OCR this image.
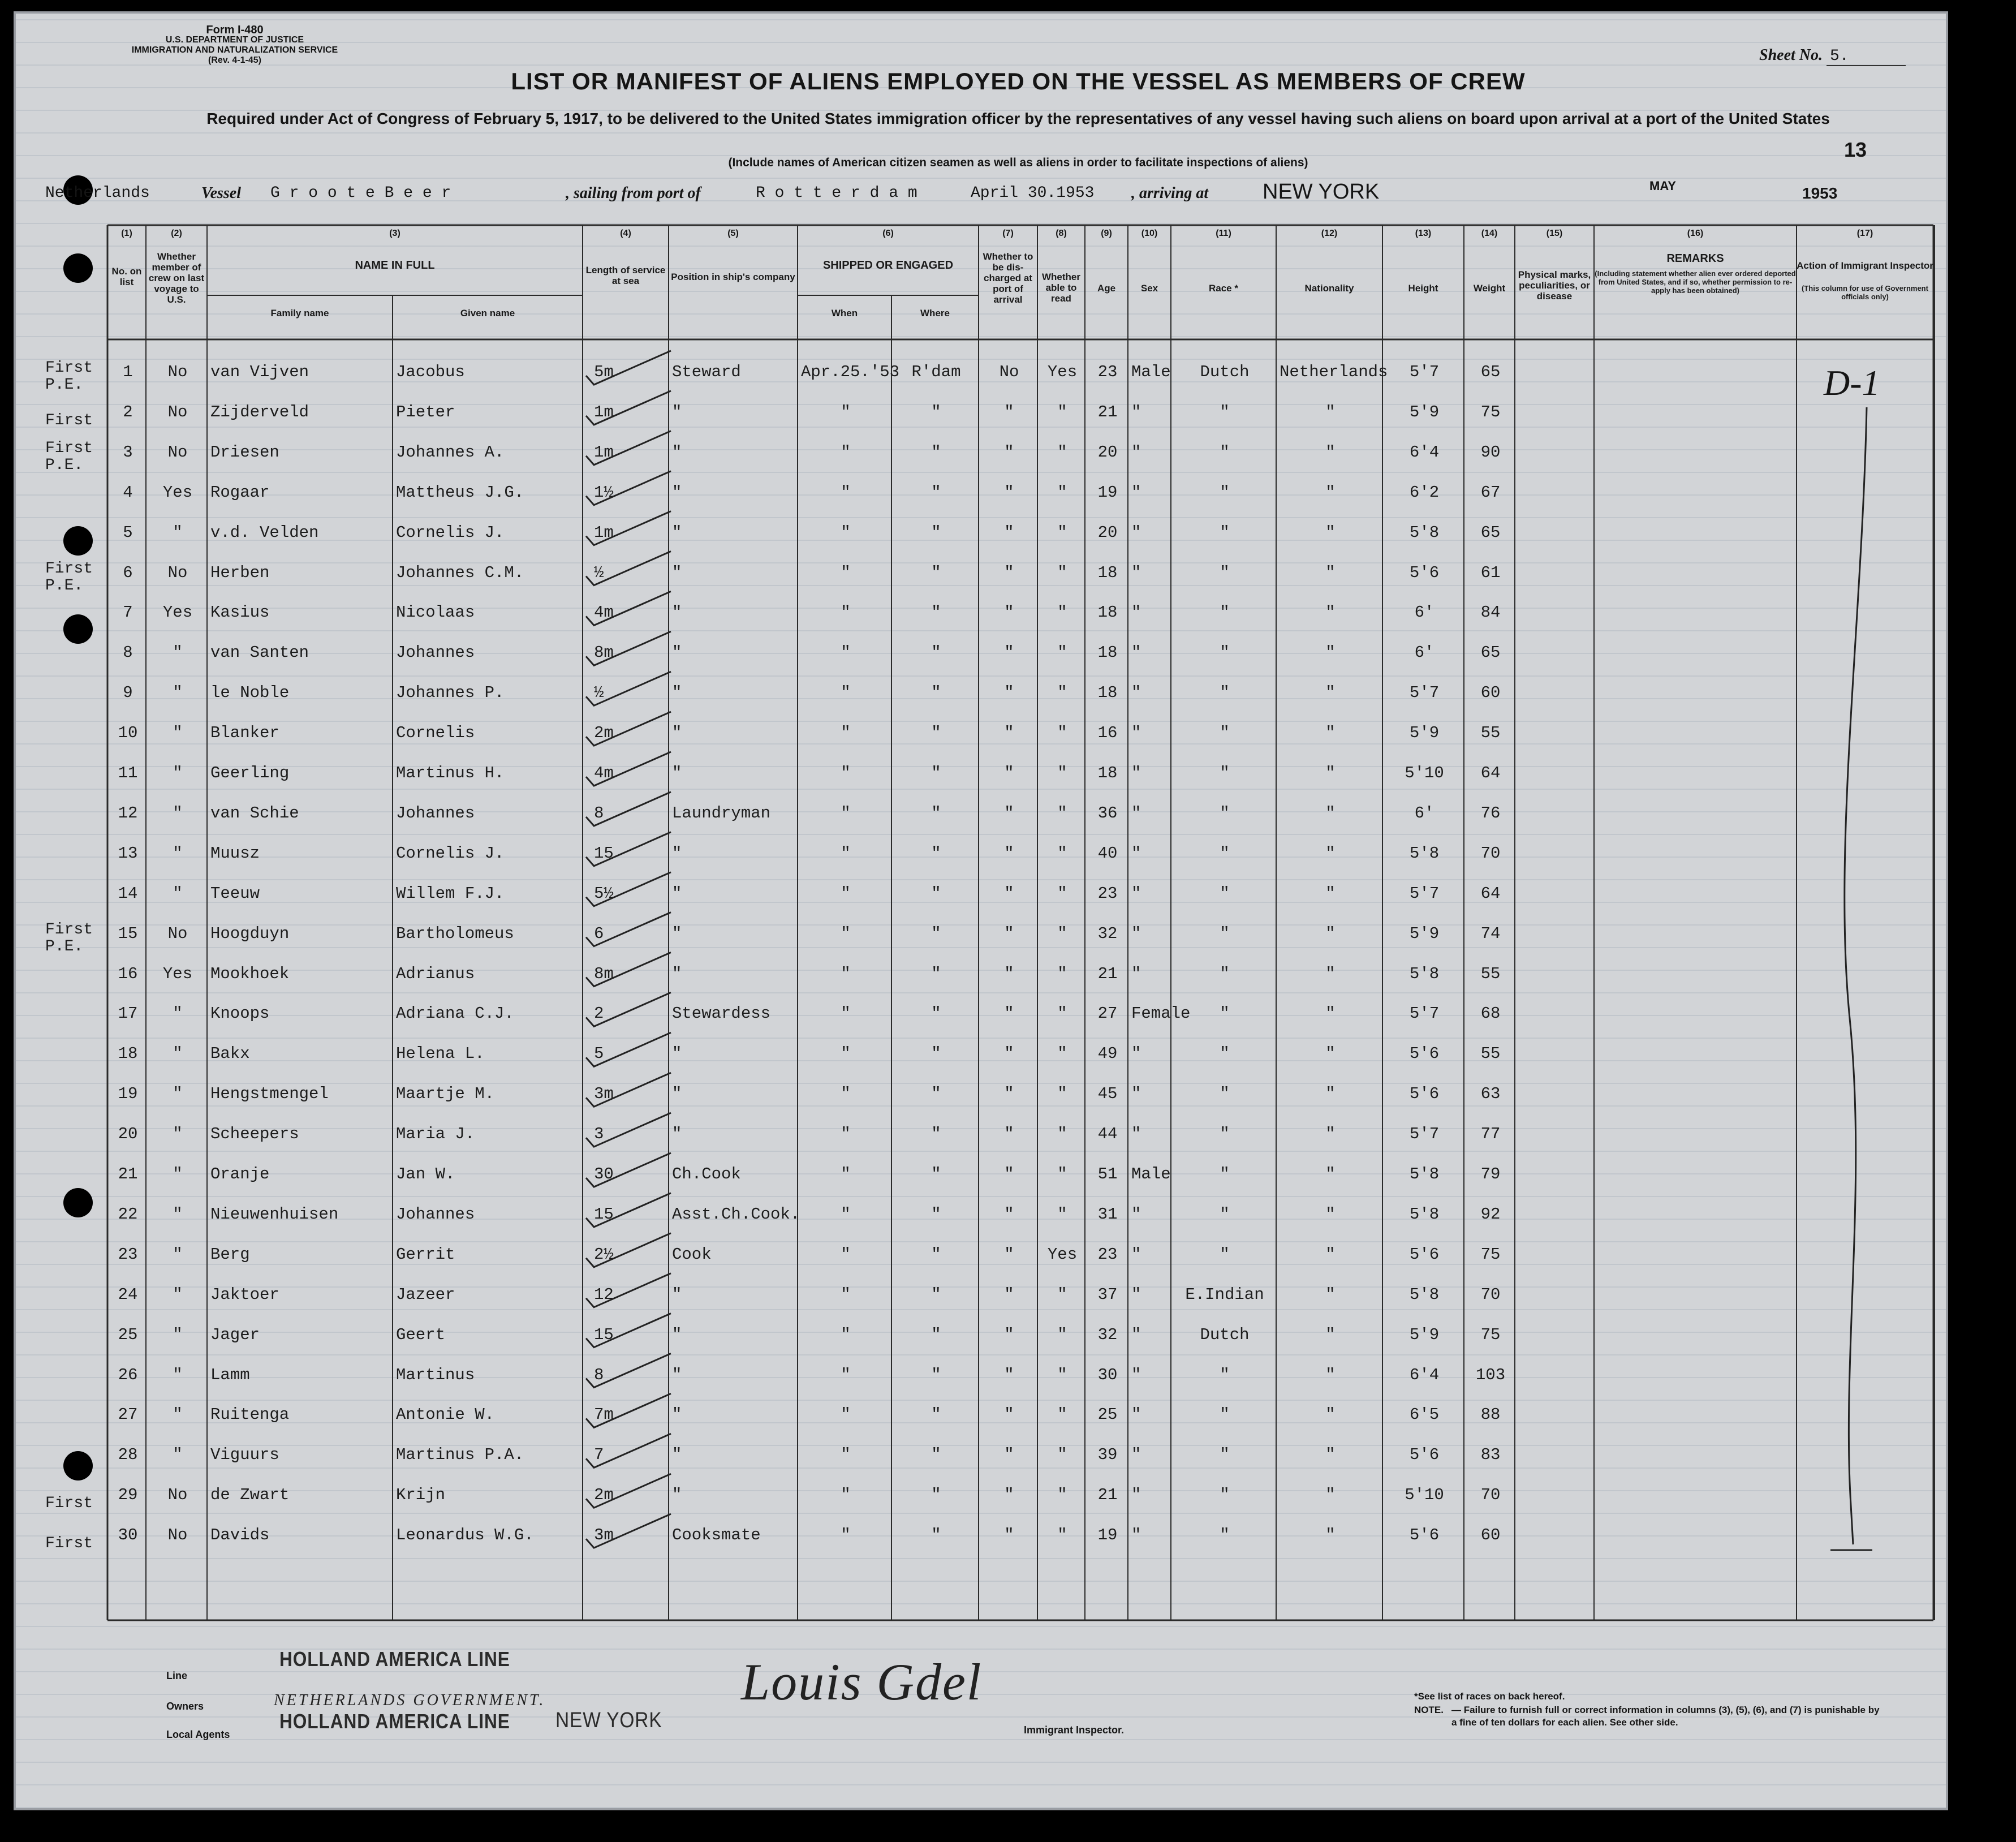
Form I-480
U.S. DEPARTMENT OF JUSTICE
IMMIGRATION AND NATURALIZATION SERVICE
(Rev. 4-1-45)	Sheet No. 5.
LIST OR MANIFEST OF ALIENS EMPLOYED ON THE VESSEL AS MEMBERS OF CREW
Required under Act of Congress of February 5, 1917, to be delivered to the United States immigration officer by the representatives of any vessel having such aliens on board upon arrival at a port of the United States
13
(Include names of American citizen seamen as well as aliens in order to facilitate inspections of aliens)
Netherlands	Vessel G r o o t e B e e r	, sailing from port of	R o t t e r d a m	April 30.1953 , arriving at	NEW YORK	MAY	1953
(1)	(2)	(3)	(4)	(5)	(6)	(7)	(8)	(9)	(10)	(11)	(12)	(13)	(14)	(15)	(16)	(17)
No. on list
Whether member of crew on last voyage to U.S.
NAME IN FULL
Family name	Given name
Length of service at sea	Position in ship's company
SHIPPED OR ENGAGED
When	Where
Whether to be dis-charged at port of arrival
Whether able to read
Age	Sex	Race *	Nationality	Height	Weight
Physical marks, peculiarities, or disease
REMARKS
(Including statement whether alien ever ordered deported from United States, and if so, whether permission to re-apply has been obtained)
Action of Immigrant Inspector
(This column for use of Government officials only)
First P.E.
1	No	van Vijven	Jacobus	5m	Steward	Apr.25.'53 R'dam	No	Yes	23 Male	Dutch	Netherlands	5'7	65
First	2	No	Zijderveld	Pieter	1m	"	"	"	"	"	21 "	"	"	5'9	75
First P.E.
3	No	Driesen	Johannes A.	1m	"	"	"	"	"	20 "	"	"	6'4	90
4	Yes	Rogaar	Mattheus J.G.	1½	"	"	"	"	"	19 "	"	"	6'2	67
5	"	v.d. Velden	Cornelis J.	1m	"	"	"	"	"	20 "	"	"	5'8	65
First P.E.
6	No	Herben	Johannes C.M.	½	"	"	"	"	"	18 "	"	"	5'6	61
7	Yes	Kasius	Nicolaas	4m	"	"	"	"	"	18 "	"	"	6'	84
8	"	van Santen	Johannes	8m	"	"	"	"	"	18 "	"	"	6'	65
9	"	le Noble	Johannes P.	½	"	"	"	"	"	18 "	"	"	5'7	60
10	"	Blanker	Cornelis	2m	"	"	"	"	"	16 "	"	"	5'9	55
11	"	Geerling	Martinus H.	4m	"	"	"	"	"	18 "	"	"	5'10	64
12	"	van Schie	Johannes	8	Laundryman	"	"	"	"	36 "	"	"	6'	76
13	"	Muusz	Cornelis J.	15	"	"	"	"	"	40 "	"	"	5'8	70
14	"	Teeuw	Willem F.J.	5½	"	"	"	"	"	23 "	"	"	5'7	64
First P.E.
15	No	Hoogduyn	Bartholomeus	6	"	"	"	"	"	32 "	"	"	5'9	74
16	Yes	Mookhoek	Adrianus	8m	"	"	"	"	"	21 "	"	"	5'8	55
17	"	Knoops	Adriana C.J.	2	Stewardess	"	"	"	"	27 Female	"	"	5'7	68
18	"	Bakx	Helena L.	5	"	"	"	"	"	49 "	"	"	5'6	55
19	"	Hengstmengel	Maartje M.	3m	"	"	"	"	"	45 "	"	"	5'6	63
20	"	Scheepers	Maria J.	3	"	"	"	"	"	44 "	"	"	5'7	77
21	"	Oranje	Jan W.	30	Ch.Cook	"	"	"	"	51 Male	"	"	5'8	79
22	"	Nieuwenhuisen	Johannes	15	Asst.Ch.Cook.	"	"	"	"	31 "	"	"	5'8	92
23	"	Berg	Gerrit	2½	Cook	"	"	"	Yes	23 "	"	"	5'6	75
24	"	Jaktoer	Jazeer	12	"	"	"	"	"	37 "	E.Indian	"	5'8	70
25	"	Jager	Geert	15	"	"	"	"	"	32 "	Dutch	"	5'9	75
26	"	Lamm	Martinus	8	"	"	"	"	"	30 "	"	"	6'4	103
27	"	Ruitenga	Antonie W.	7m	"	"	"	"	"	25 "	"	"	6'5	88
28	"	Viguurs	Martinus P.A.	7	"	"	"	"	"	39 "	"	"	5'6	83
First	29	No	de Zwart	Krijn	2m	"	"	"	"	"	21 "	"	"	5'10	70
First	30	No	Davids	Leonardus W.G.	3m	Cooksmate	"	"	"	"	19 "	"	"	5'6	60
D-1
Line
HOLLAND AMERICA LINE
Owners	NETHERLANDS GOVERNMENT.
Local Agents
HOLLAND AMERICA LINE NEW YORK
Louis Gdel
Immigrant Inspector.
*See list of races on back hereof.
NOTE. — Failure to furnish full or correct information in columns (3), (5), (6), and (7) is punishable by a fine of ten dollars for each alien. See other side.
